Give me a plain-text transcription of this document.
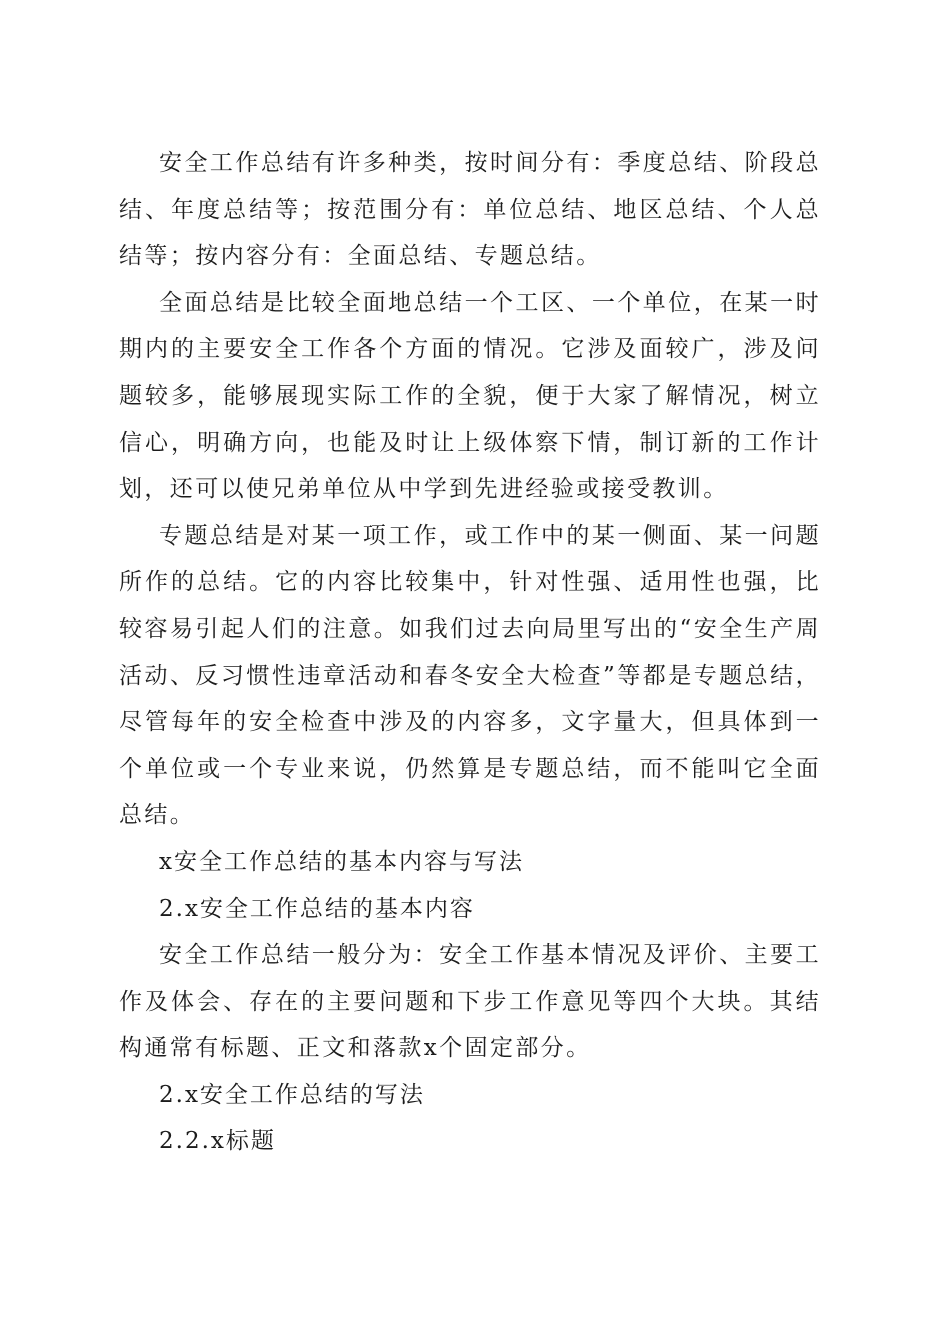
安全工作总结有许多种类，按时间分有：季度总结、阶段总结、年度总结等；按范围分有：单位总结、地区总结、个人总结等；按内容分有：全面总结、专题总结。

全面总结是比较全面地总结一个工区、一个单位，在某一时期内的主要安全工作各个方面的情况。它涉及面较广，涉及问题较多，能够展现实际工作的全貌，便于大家了解情况，树立信心，明确方向，也能及时让上级体察下情，制订新的工作计划，还可以使兄弟单位从中学到先进经验或接受教训。

专题总结是对某一项工作，或工作中的某一侧面、某一问题所作的总结。它的内容比较集中，针对性强、适用性也强，比较容易引起人们的注意。如我们过去向局里写出的“安全生产周活动、反习惯性违章活动和春冬安全大检查”等都是专题总结，尽管每年的安全检查中涉及的内容多，文字量大，但具体到一个单位或一个专业来说，仍然算是专题总结，而不能叫它全面总结。

x安全工作总结的基本内容与写法

2.x安全工作总结的基本内容

安全工作总结一般分为：安全工作基本情况及评价、主要工作及体会、存在的主要问题和下步工作意见等四个大块。其结构通常有标题、正文和落款x个固定部分。

2.x安全工作总结的写法

2.2.x标题
